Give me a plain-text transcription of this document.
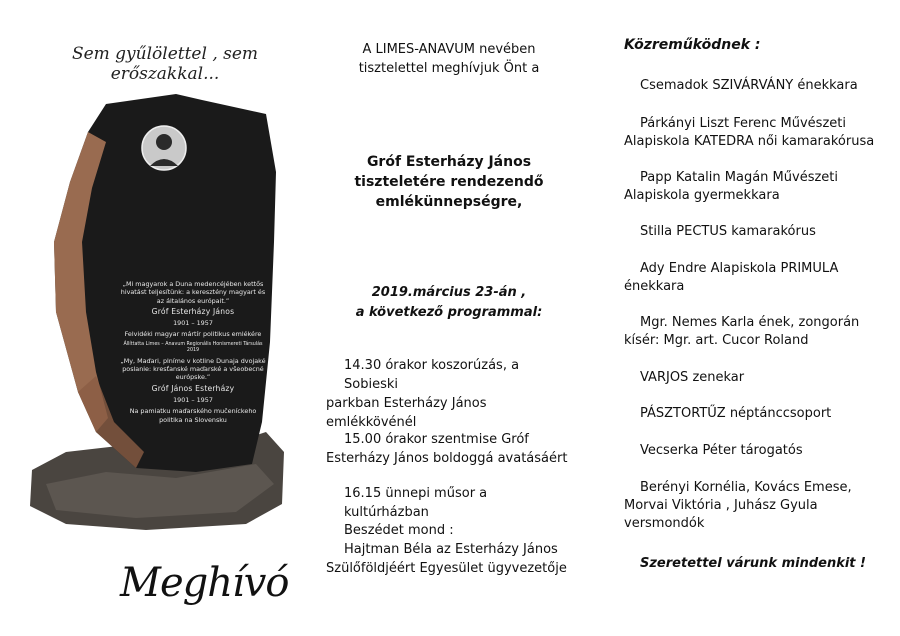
Sem gyűlölettel , sem erőszakkal...
„Mi magyarok a Duna medencéjében kettős hivatást teljesítünk: a keresztény magyart és az általános európait.”
Gróf Esterházy János
1901 – 1957
Felvidéki magyar mártír politikus emlékére
Állíttatta Limes – Anavum Regionális Honismereti Társulás 2019
„My, Maďari, plníme v kotline Dunaja dvojaké poslanie: kresťanské maďarské a všeobecné európske.”
Gróf János Esterházy
1901 – 1957
Na pamiatku maďarského mučeníckeho politika na Slovensku
Meghívó
A LIMES-ANAVUM nevében
tisztelettel meghívjuk Önt a
Gróf Esterházy János
tiszteletére rendezendő
emlékünnepségre,
2019.március 23-án ,
a következő programmal:
14.30 órakor koszorúzás, a Sobieski
parkban Esterházy János
emlékkövénél
15.00 órakor szentmise Gróf
Esterházy János boldoggá avatásáért
16.15 ünnepi műsor a kultúrházban
Beszédet mond :
Hajtman Béla az Esterházy János
Szülőföldjéért Egyesület ügyvezetője
Közreműködnek :
Csemadok SZIVÁRVÁNY énekkara
Párkányi Liszt Ferenc Művészeti
Alapiskola KATEDRA női kamarakórusa
Papp Katalin Magán Művészeti
Alapiskola gyermekkara
Stilla PECTUS kamarakórus
Ady Endre Alapiskola PRIMULA
énekkara
Mgr. Nemes Karla ének, zongorán
kísér: Mgr. art. Cucor Roland
VARJOS zenekar
PÁSZTORTŰZ néptánccsoport
Vecserka Péter tárogatós
Berényi Kornélia, Kovács Emese,
Morvai Viktória , Juhász Gyula
versmondók
Szeretettel várunk mindenkit !
